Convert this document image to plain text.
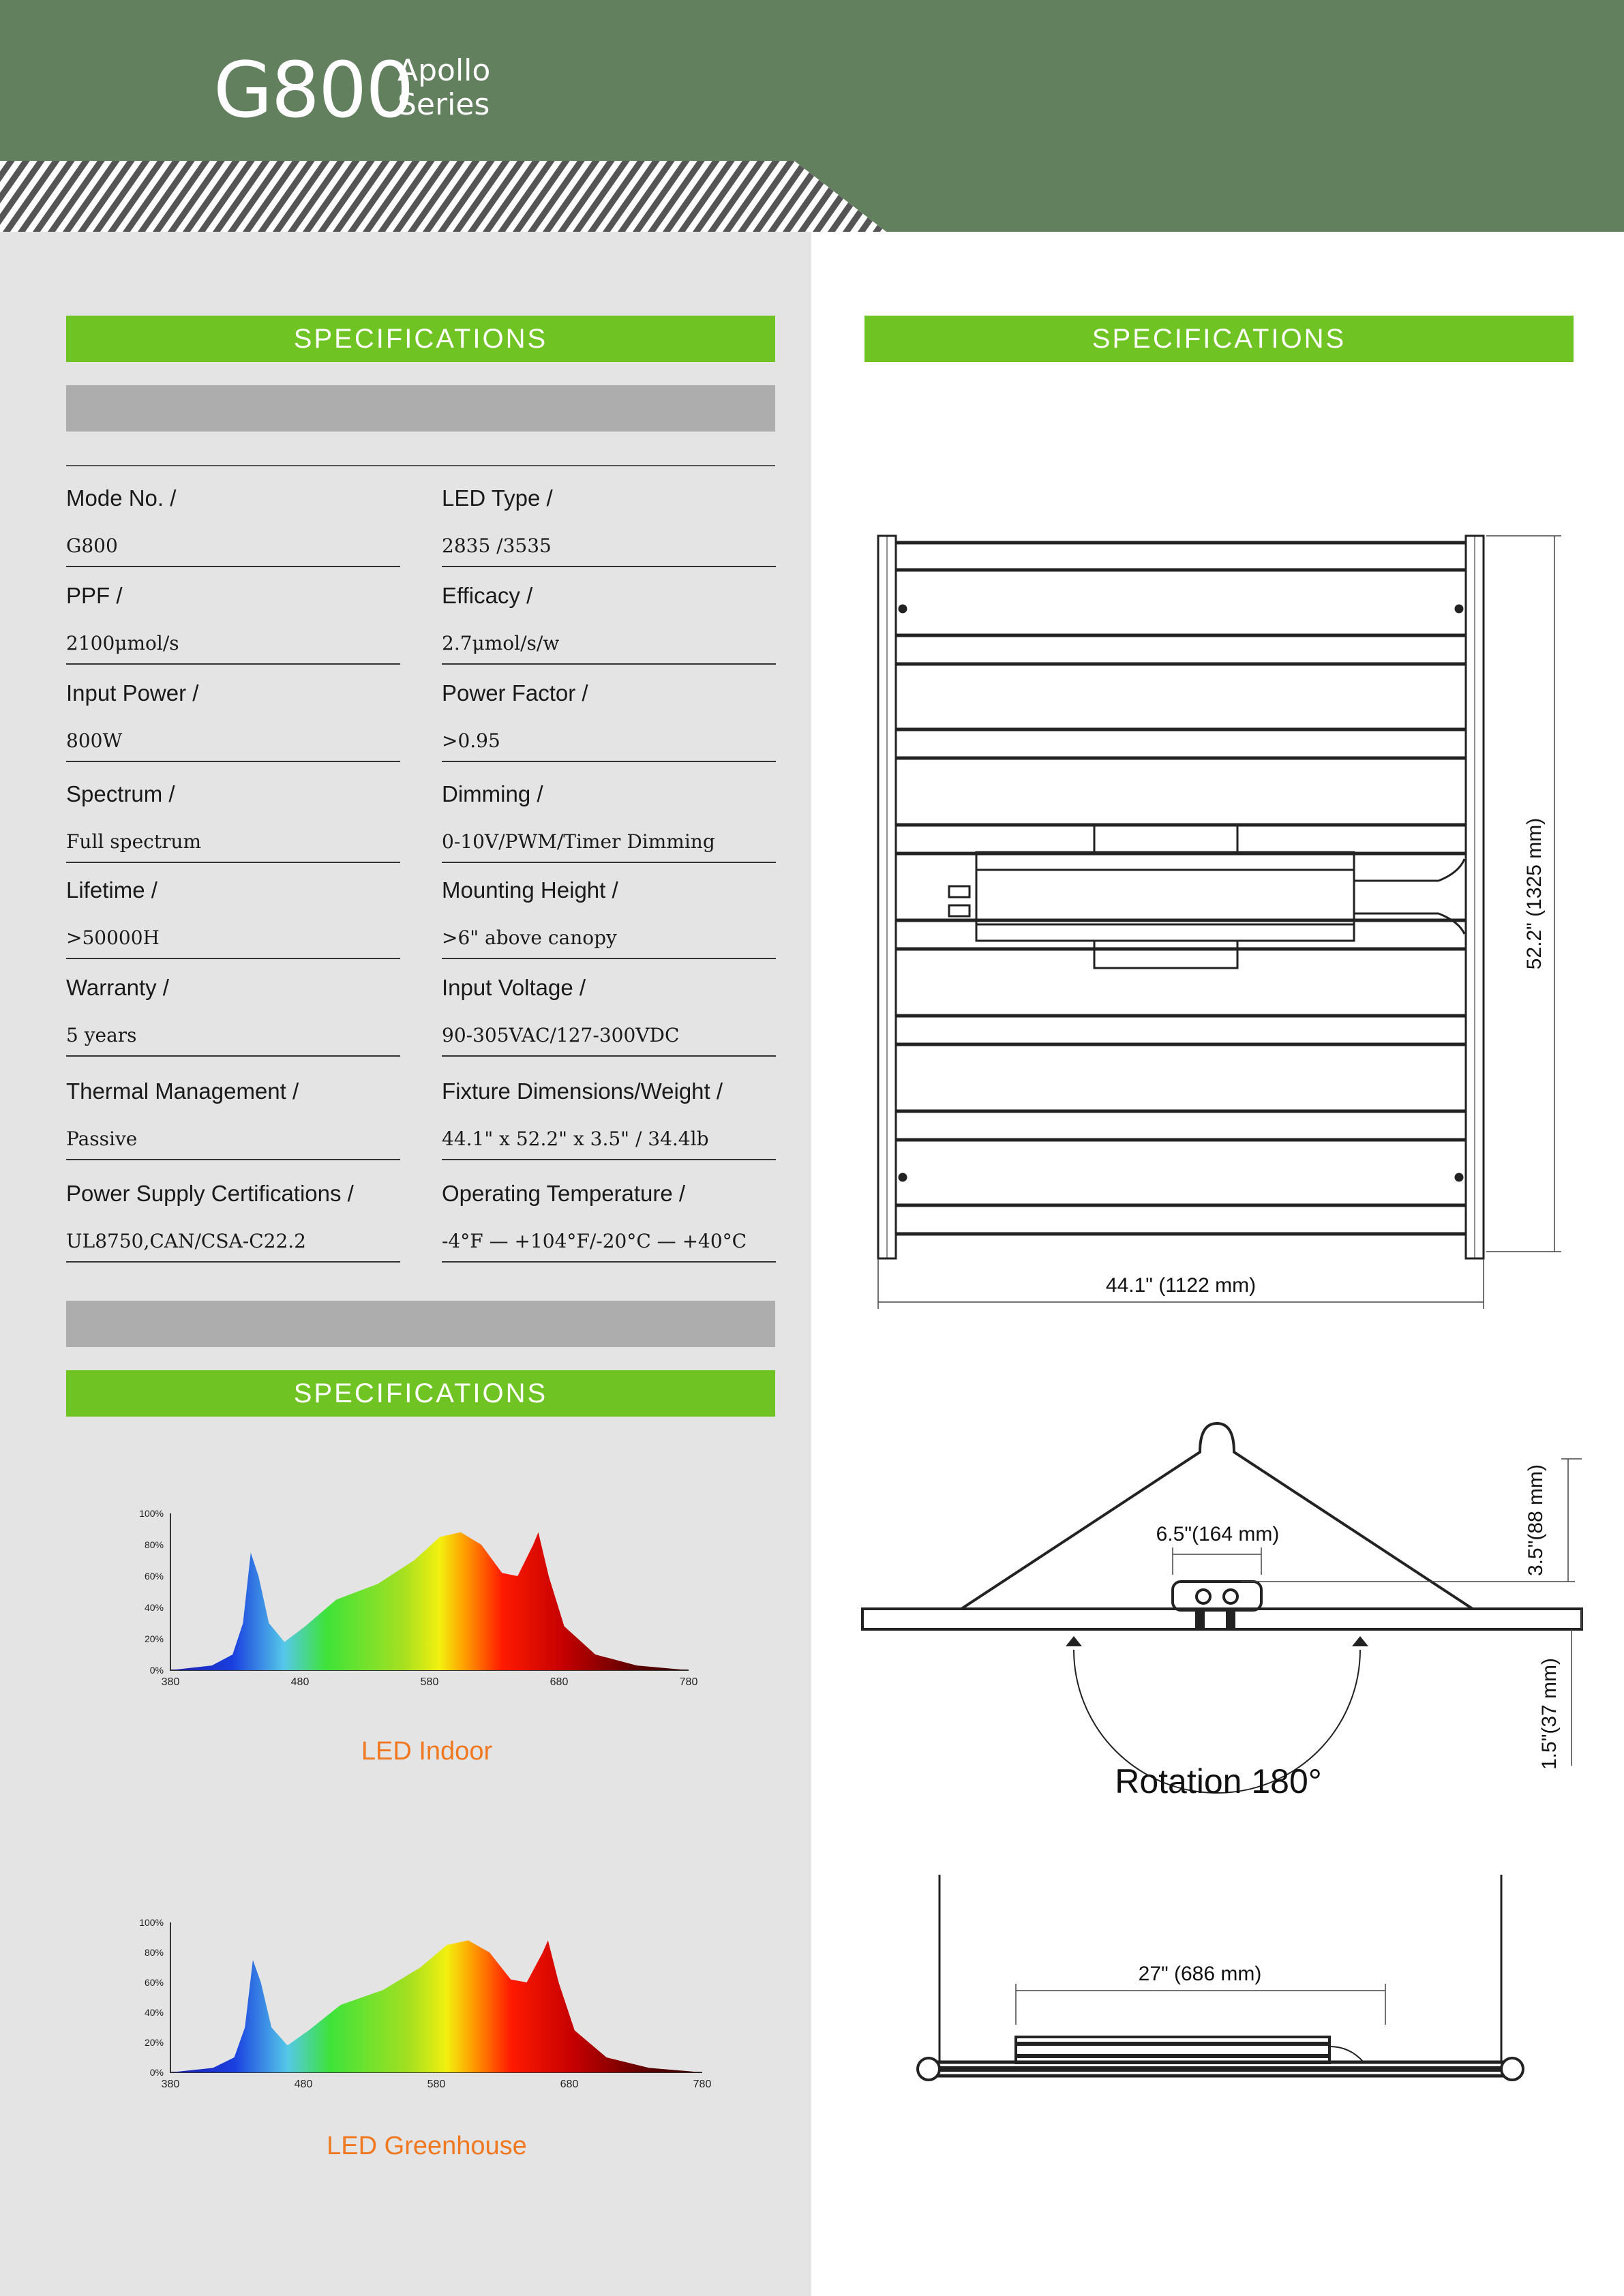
G800
Apollo
Series
SPECIFICATIONS
Mode No. /
G800
LED Type /
2835 /3535
PPF /
2100μmol/s
Efficacy /
2.7μmol/s/w
Input Power /
800W
Power Factor /
>0.95
Spectrum /
Full spectrum
Dimming /
0-10V/PWM/Timer Dimming
Lifetime /
>50000H
Mounting Height /
>6" above canopy
Warranty /
5 years
Input Voltage /
90-305VAC/127-300VDC
Thermal Management /
Passive
Fixture Dimensions/Weight /
44.1" x 52.2" x 3.5" / 34.4lb
Power Supply Certifications /
UL8750,CAN/CSA-C22.2
Operating Temperature /
-4°F — +104°F/-20°C — +40°C
SPECIFICATIONS
100%
80%
60%
40%
20%
0%
380	480	580	680	780
LED Indoor
100%
80%
60%
40%
20%
0%
380	480	580	680	780
LED Greenhouse
SPECIFICATIONS
52.2" (1325 mm)
44.1" (1122 mm)
6.5"(164 mm)	3.5"(88 mm)
1.5"(37 mm)
Rotation 180°
27" (686 mm)
